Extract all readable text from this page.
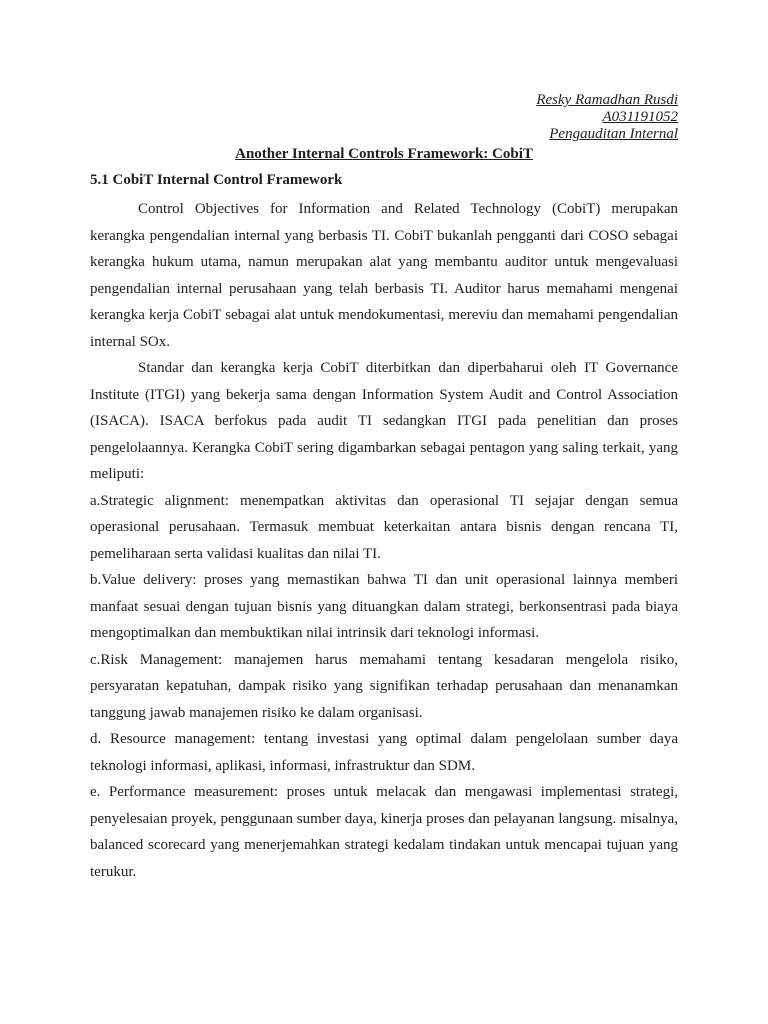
Resky Ramadhan Rusdi
A031191052
Pengauditan Internal
Another Internal Controls Framework: CobiT
5.1 CobiT Internal Control Framework

Control Objectives for Information and Related Technology (CobiT) merupakan kerangka pengendalian internal yang berbasis TI. CobiT bukanlah pengganti dari COSO sebagai kerangka hukum utama, namun merupakan alat yang membantu auditor untuk mengevaluasi pengendalian internal perusahaan yang telah berbasis TI. Auditor harus memahami mengenai kerangka kerja CobiT sebagai alat untuk mendokumentasi, mereviu dan memahami pengendalian internal SOx.

Standar dan kerangka kerja CobiT diterbitkan dan diperbaharui oleh IT Governance Institute (ITGI) yang bekerja sama dengan Information System Audit and Control Association (ISACA). ISACA berfokus pada audit TI sedangkan ITGI pada penelitian dan proses pengelolaannya. Kerangka CobiT sering digambarkan sebagai pentagon yang saling terkait, yang meliputi:

a.Strategic alignment: menempatkan aktivitas dan operasional TI sejajar dengan semua operasional perusahaan. Termasuk membuat keterkaitan antara bisnis dengan rencana TI, pemeliharaan serta validasi kualitas dan nilai TI.
b.Value delivery: proses yang memastikan bahwa TI dan unit operasional lainnya memberi manfaat sesuai dengan tujuan bisnis yang dituangkan dalam strategi, berkonsentrasi pada biaya mengoptimalkan dan membuktikan nilai intrinsik dari teknologi informasi.
c.Risk Management: manajemen harus memahami tentang kesadaran mengelola risiko, persyaratan kepatuhan, dampak risiko yang signifikan terhadap perusahaan dan menanamkan tanggung jawab manajemen risiko ke dalam organisasi.
d. Resource management: tentang investasi yang optimal dalam pengelolaan sumber daya teknologi informasi, aplikasi, informasi, infrastruktur dan SDM.
e. Performance measurement: proses untuk melacak dan mengawasi implementasi strategi, penyelesaian proyek, penggunaan sumber daya, kinerja proses dan pelayanan langsung. misalnya, balanced scorecard yang menerjemahkan strategi kedalam tindakan untuk mencapai tujuan yang terukur.
